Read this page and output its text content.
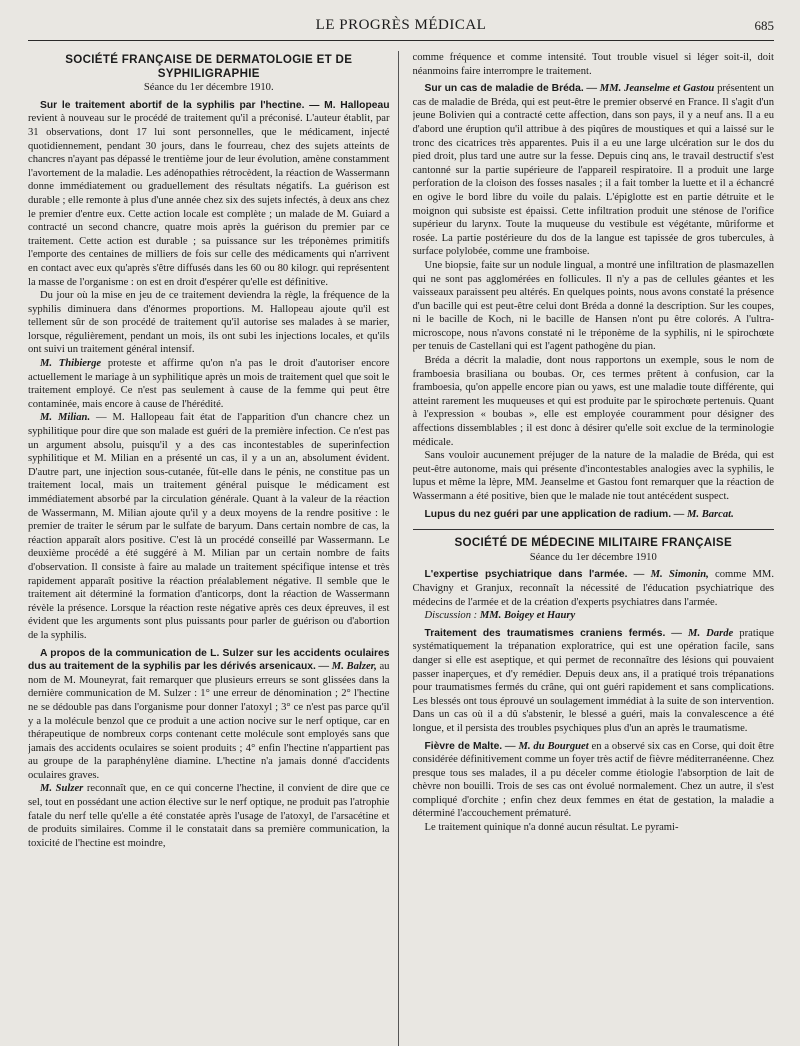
LE PROGRÈS MÉDICAL	685
SOCIÉTÉ FRANÇAISE DE DERMATOLOGIE ET DE SYPHILIGRAPHIE
Séance du 1er décembre 1910.

Sur le traitement abortif de la syphilis par l'hectine. — M. Hallopeau revient à nouveau sur le procédé de traitement qu'il a préconisé. L'auteur établit, par 31 observations, dont 17 lui sont personnelles, que le médicament, injecté quotidiennement, pendant 30 jours, dans le fourreau, chez des sujets atteints de chancres n'ayant pas dépassé le trentième jour de leur évolution, amène constamment l'avortement de la maladie. Les adénopathies rétrocèdent, la réaction de Wassermann donne immédiatement ou graduellement des résultats négatifs. La guérison est durable ; elle remonte à plus d'une année chez six des sujets infectés, à deux ans chez le premier d'entre eux. Cette action locale est complète ; un malade de M. Guiard a contracté un second chancre, quatre mois après la guérison du premier par ce traitement. Cette action est durable ; sa puissance sur les tréponèmes primitifs l'emporte des centaines de milliers de fois sur celle des médicaments qui n'arrivent en contact avec eux qu'après s'être diffusés dans les 60 ou 80 kilogr. qui représentent la masse de l'organisme : on est en droit d'espérer qu'elle est définitive.

Du jour où la mise en jeu de ce traitement deviendra la règle, la fréquence de la syphilis diminuera dans d'énormes proportions. M. Hallopeau ajoute qu'il est tellement sûr de son procédé de traitement qu'il autorise ses malades à se marier, lorsque, régulièrement, pendant un mois, ils ont subi les injections locales, et qu'ils ont suivi un traitement général intensif.

M. Thibierge proteste et affirme qu'on n'a pas le droit d'autoriser encore actuellement le mariage à un syphilitique après un mois de traitement quel que soit le traitement employé. Ce n'est pas seulement à cause de la femme qui peut être contaminée, mais encore à cause de l'hérédité.

M. Milian. — M. Hallopeau fait état de l'apparition d'un chancre chez un syphilitique pour dire que son malade est guéri de la première infection. Ce n'est pas un argument absolu, puisqu'il y a des cas incontestables de superinfection syphilitique et M. Milian en a présenté un cas, il y a un an, absolument évident. D'autre part, une injection sous-cutanée, fût-elle dans le pénis, ne constitue pas un traitement local, mais un traitement général puisque le médicament est immédiatement absorbé par la circulation générale. Quant à la valeur de la réaction de Wassermann, M. Milian ajoute qu'il y a deux moyens de la rendre positive : le premier de traiter le sérum par le sulfate de baryum. Dans certain nombre de cas, la réaction apparaît alors positive. C'est là un procédé conseillé par Wassermann. Le deuxième procédé a été suggéré à M. Milian par un certain nombre de faits d'observation. Il consiste à faire au malade un traitement spécifique intense et très rapidement apparaît positive la réaction préalablement négative. Il semble que le traitement ait déterminé la formation d'anticorps, dont la réaction de Wassermann révèle la présence. Lorsque la réaction reste négative après ces deux épreuves, il est évident que les arguments sont plus puissants pour parler de guérison ou d'abortion de la syphilis.

A propos de la communication de L. Sulzer sur les accidents oculaires dus au traitement de la syphilis par les dérivés arsenicaux. — M. Balzer, au nom de M. Mouneyrat, fait remarquer que plusieurs erreurs se sont glissées dans la dernière communication de M. Sulzer : 1° une erreur de dénomination ; 2° l'hectine ne se dédouble pas dans l'organisme pour donner l'atoxyl ; 3° ce n'est pas parce qu'il y a la molécule benzol que ce produit a une action nocive sur le nerf optique, car en thérapeutique de nombreux corps contenant cette molécule sont employés sans que jamais des accidents oculaires se soient produits ; 4° enfin l'hectine n'appartient pas au groupe de la paraphénylène diamine. L'hectine n'a jamais donné d'accidents oculaires graves.

M. Sulzer reconnaît que, en ce qui concerne l'hectine, il convient de dire que ce sel, tout en possédant une action élective sur le nerf optique, ne produit pas l'atrophie fatale du nerf telle qu'elle a été constatée après l'usage de l'atoxyl, de l'arsacétine et de produits similaires. Comme il le constatait dans sa première communication, la toxicité de l'hectine est moindre,

comme fréquence et comme intensité. Tout trouble visuel si léger soit-il, doit néanmoins faire interrompre le traitement.

Sur un cas de maladie de Bréda. — MM. Jeanselme et Gastou présentent un cas de maladie de Bréda, qui est peut-être le premier observé en France. Il s'agit d'un jeune Bolivien qui a contracté cette affection, dans son pays, il y a neuf ans. Il a eu d'abord une éruption qu'il attribue à des piqûres de moustiques et qui a laissé sur le tronc des cicatrices très apparentes. Puis il a eu une large ulcération sur le dos du pied droit, plus tard une autre sur la fesse. Depuis cinq ans, le travail destructif s'est cantonné sur la partie supérieure de l'appareil respiratoire. Il a produit une large perforation de la cloison des fosses nasales ; il a fait tomber la luette et il a échancré en ogive le bord libre du voile du palais. L'épiglotte est en partie détruite et le moignon qui subsiste est épaissi. Cette infiltration produit une sténose de l'orifice supérieur du larynx. Toute la muqueuse du vestibule est végétante, mûriforme et rosée. La partie postérieure du dos de la langue est tapissée de gros tubercules, à surface polylobée, comme une framboise.

Une biopsie, faite sur un nodule lingual, a montré une infiltration de plasmazellen qui ne sont pas agglomérées en follicules. Il n'y a pas de cellules géantes et les vaisseaux paraissent peu altérés. En quelques points, nous avons constaté la présence d'un bacille qui est peut-être celui dont Bréda a donné la description. Sur les coupes, ni le bacille de Koch, ni le bacille de Hansen n'ont pu être colorés. A l'ultra-microscope, nous n'avons constaté ni le tréponème de la syphilis, ni le spirochœte per tenuis de Castellani qui est l'agent pathogène du pian.

Bréda a décrit la maladie, dont nous rapportons un exemple, sous le nom de framboesia brasiliana ou boubas. Or, ces termes prêtent à confusion, car la framboesia, qu'on appelle encore pian ou yaws, est une maladie toute différente, qui atteint rarement les muqueuses et qui est produite par le spirochœte pertenuis. Quant à l'expression « boubas », elle est employée couramment pour désigner des affections dissemblables ; il est donc à désirer qu'elle soit exclue de la terminologie médicale.

Sans vouloir aucunement préjuger de la nature de la maladie de Bréda, qui est peut-être autonome, mais qui présente d'incontestables analogies avec la syphilis, le lupus et même la lèpre, MM. Jeanselme et Gastou font remarquer que la réaction de Wassermann a été positive, bien que le malade nie tout antécédent suspect.

Lupus du nez guéri par une application de radium. — M. Barcat.

SOCIÉTÉ DE MÉDECINE MILITAIRE FRANÇAISE
Séance du 1er décembre 1910

L'expertise psychiatrique dans l'armée. — M. Simonin, comme MM. Chavigny et Granjux, reconnaît la nécessité de l'éducation psychiatrique des médecins de l'armée et de la création d'experts psychiatres dans l'armée.

Discussion : MM. Boigey et Haury

Traitement des traumatismes craniens fermés. — M. Darde pratique systématiquement la trépanation exploratrice, qui est une opération facile, sans danger si elle est aseptique, et qui permet de reconnaître des lésions qui pouvaient passer inaperçues, et d'y remédier. Depuis deux ans, il a pratiqué trois trépanations pour traumatismes fermés du crâne, qui ont guéri rapidement et sans complications. Les blessés ont tous éprouvé un soulagement immédiat à la suite de son intervention. Dans un cas où il a dû s'abstenir, le blessé a guéri, mais la convalescence a été longue, et il persista des troubles psychiques plus d'un an après le traumatisme.

Fièvre de Malte. — M. du Bourguet en a observé six cas en Corse, qui doit être considérée définitivement comme un foyer très actif de fièvre méditerranéenne. Chez presque tous ses malades, il a pu déceler comme étiologie l'absorption de lait de chèvre non bouilli. Trois de ses cas ont évolué normalement. Chez un autre, il s'est compliqué d'orchite ; enfin chez deux femmes en état de gestation, la maladie a déterminé l'accouchement prématuré.

Le traitement quinique n'a donné aucun résultat. Le pyrami-
